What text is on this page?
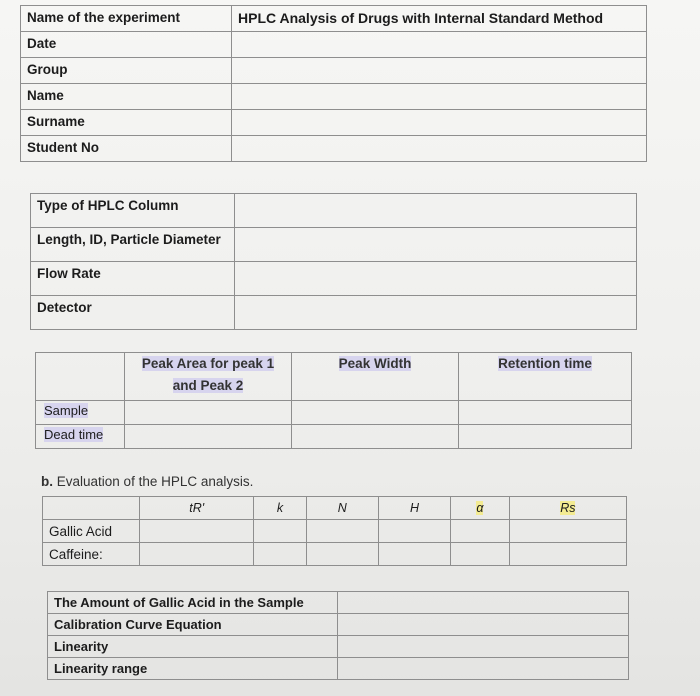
Name of the experiment	HPLC Analysis of Drugs with Internal Standard Method

Date	

Group	

Name	

Surname	

Student No	

Type of HPLC Column	

Length, ID, Particle Diameter	

Flow Rate	

Detector	

	Peak Area for peak 1
and Peak 2	Peak Width	Retention time

Sample			

Dead time			

b. Evaluation of the HPLC analysis.
	tR'	k	N	H	α	Rs

Gallic Acid						

Caffeine:						

The Amount of Gallic Acid in the Sample	

Calibration Curve Equation	

Linearity	

Linearity range	
